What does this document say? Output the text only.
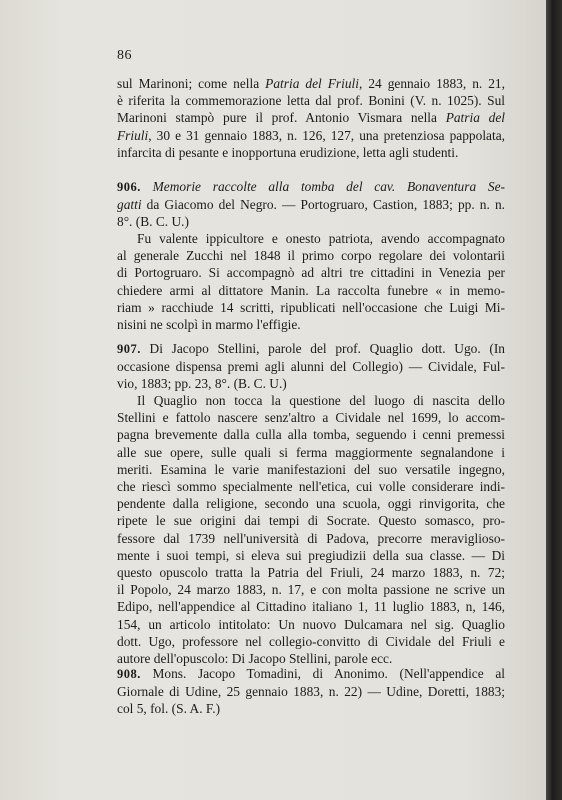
86

sul Marinoni; come nella Patria del Friuli, 24 gennaio 1883, n. 21,
è riferita la commemorazione letta dal prof. Bonini (V. n. 1025). Sul
Marinoni stampò pure il prof. Antonio Vismara nella Patria del
Friuli, 30 e 31 gennaio 1883, n. 126, 127, una pretenziosa pappolata,
infarcita di pesante e inopportuna erudizione, letta agli studenti.

906. Memorie raccolte alla tomba del cav. Bonaventura Se-
gatti da Giacomo del Negro. — Portogruaro, Castion, 1883; pp. n. n.
8°. (B. C. U.)

Fu valente ippicultore e onesto patriota, avendo accompagnato
al generale Zucchi nel 1848 il primo corpo regolare dei volontarii
di Portogruaro. Si accompagnò ad altri tre cittadini in Venezia per
chiedere armi al dittatore Manin. La raccolta funebre « in memo-
riam » racchiude 14 scritti, ripublicati nell'occasione che Luigi Mi-
nisini ne scolpì in marmo l'effigie.

907. Di Jacopo Stellini, parole del prof. Quaglio dott. Ugo. (In
occasione dispensa premi agli alunni del Collegio) — Cividale, Ful-
vio, 1883; pp. 23, 8°. (B. C. U.)

Il Quaglio non tocca la questione del luogo di nascita dello
Stellini e fattolo nascere senz'altro a Cividale nel 1699, lo accom-
pagna brevemente dalla culla alla tomba, seguendo i cenni premessi
alle sue opere, sulle quali si ferma maggiormente segnalandone i
meriti. Esamina le varie manifestazioni del suo versatile ingegno,
che riescì sommo specialmente nell'etica, cui volle considerare indi-
pendente dalla religione, secondo una scuola, oggi rinvigorita, che
ripete le sue origini dai tempi di Socrate. Questo somasco, pro-
fessore dal 1739 nell'università di Padova, precorre meraviglioso-
mente i suoi tempi, si eleva sui pregiudizii della sua classe. — Di
questo opuscolo tratta la Patria del Friuli, 24 marzo 1883, n. 72;
il Popolo, 24 marzo 1883, n. 17, e con molta passione ne scrive un
Edipo, nell'appendice al Cittadino italiano 1, 11 luglio 1883, n, 146,
154, un articolo intitolato: Un nuovo Dulcamara nel sig. Quaglio
dott. Ugo, professore nel collegio-convitto di Cividale del Friuli e
autore dell'opuscolo: Di Jacopo Stellini, parole ecc.

908. Mons. Jacopo Tomadini, di Anonimo. (Nell'appendice al
Giornale di Udine, 25 gennaio 1883, n. 22) — Udine, Doretti, 1883;
col 5, fol. (S. A. F.)
